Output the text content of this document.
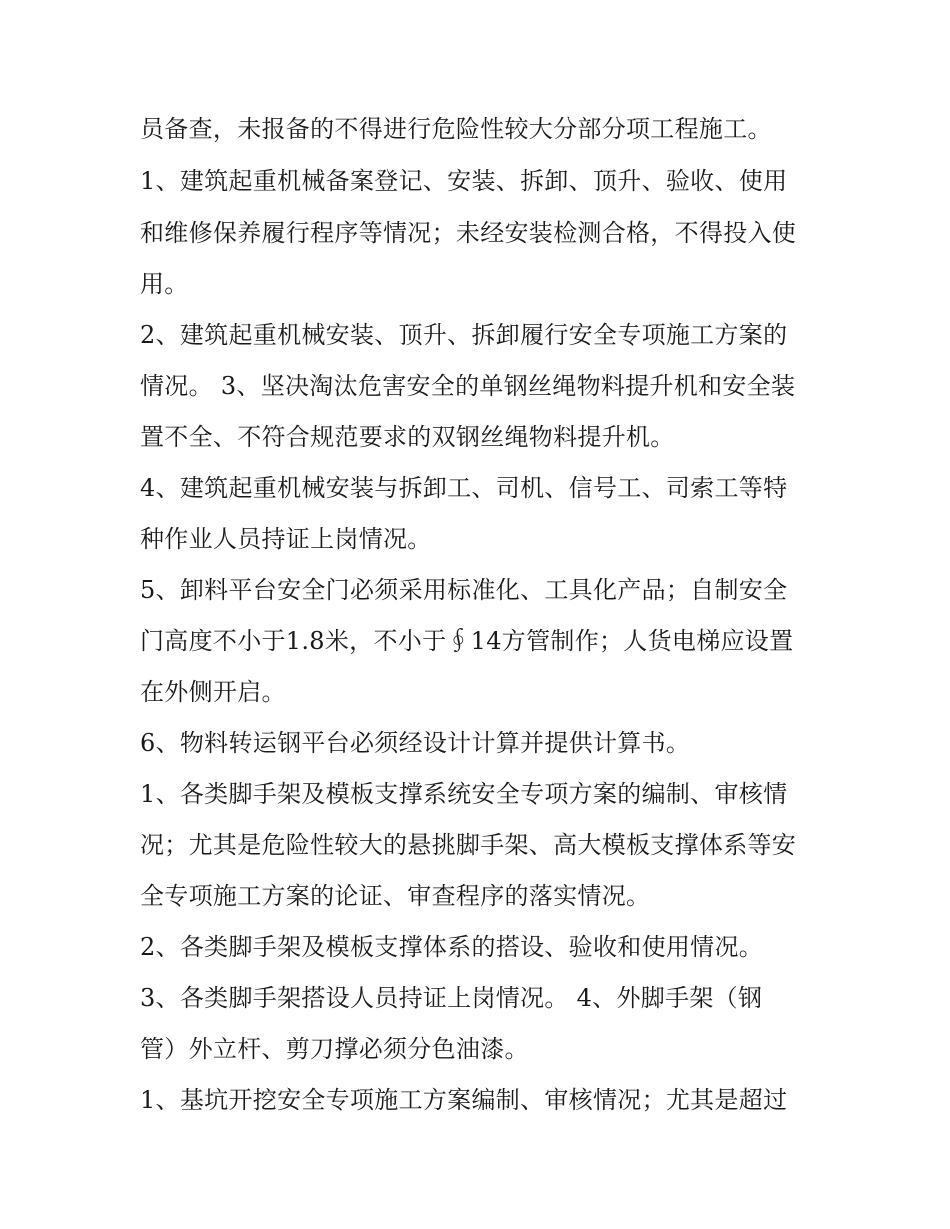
员备查，未报备的不得进行危险性较大分部分项工程施工。
1、建筑起重机械备案登记、安装、拆卸、顶升、验收、使用
和维修保养履行程序等情况；未经安装检测合格，不得投入使
用。
2、建筑起重机械安装、顶升、拆卸履行安全专项施工方案的
情况。 3、坚决淘汰危害安全的单钢丝绳物料提升机和安全装
置不全、不符合规范要求的双钢丝绳物料提升机。
4、建筑起重机械安装与拆卸工、司机、信号工、司索工等特
种作业人员持证上岗情况。
5、卸料平台安全门必须采用标准化、工具化产品；自制安全
门高度不小于1.8米，不小于∮14方管制作；人货电梯应设置
在外侧开启。
6、物料转运钢平台必须经设计计算并提供计算书。
1、各类脚手架及模板支撑系统安全专项方案的编制、审核情
况；尤其是危险性较大的悬挑脚手架、高大模板支撑体系等安
全专项施工方案的论证、审查程序的落实情况。
2、各类脚手架及模板支撑体系的搭设、验收和使用情况。
3、各类脚手架搭设人员持证上岗情况。 4、外脚手架（钢
管）外立杆、剪刀撑必须分色油漆。
1、基坑开挖安全专项施工方案编制、审核情况；尤其是超过
